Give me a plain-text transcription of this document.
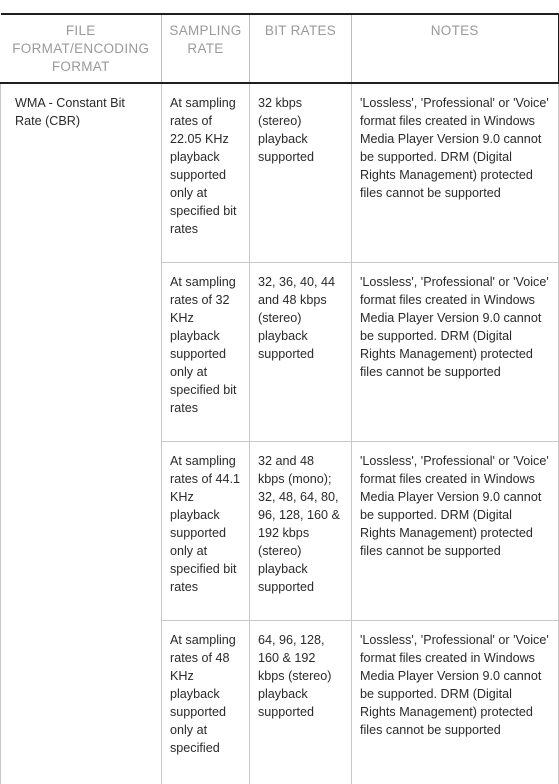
FILE FORMAT/ENCODING FORMAT	SAMPLING RATE	BIT RATES	NOTES
WMA - Constant Bit Rate (CBR)	At sampling rates of 22.05 KHz playback supported only at specified bit rates	32 kbps (stereo) playback supported	'Lossless', 'Professional' or 'Voice' format files created in Windows Media Player Version 9.0 cannot be supported. DRM (Digital Rights Management) protected files cannot be supported
	At sampling rates of 32 KHz playback supported only at specified bit rates	32, 36, 40, 44 and 48 kbps (stereo) playback supported	'Lossless', 'Professional' or 'Voice' format files created in Windows Media Player Version 9.0 cannot be supported. DRM (Digital Rights Management) protected files cannot be supported
	At sampling rates of 44.1 KHz playback supported only at specified bit rates	32 and 48 kbps (mono); 32, 48, 64, 80, 96, 128, 160 & 192 kbps (stereo) playback supported	'Lossless', 'Professional' or 'Voice' format files created in Windows Media Player Version 9.0 cannot be supported. DRM (Digital Rights Management) protected files cannot be supported
	At sampling rates of 48 KHz playback supported only at specified	64, 96, 128, 160 & 192 kbps (stereo) playback supported	'Lossless', 'Professional' or 'Voice' format files created in Windows Media Player Version 9.0 cannot be supported. DRM (Digital Rights Management) protected files cannot be supported
